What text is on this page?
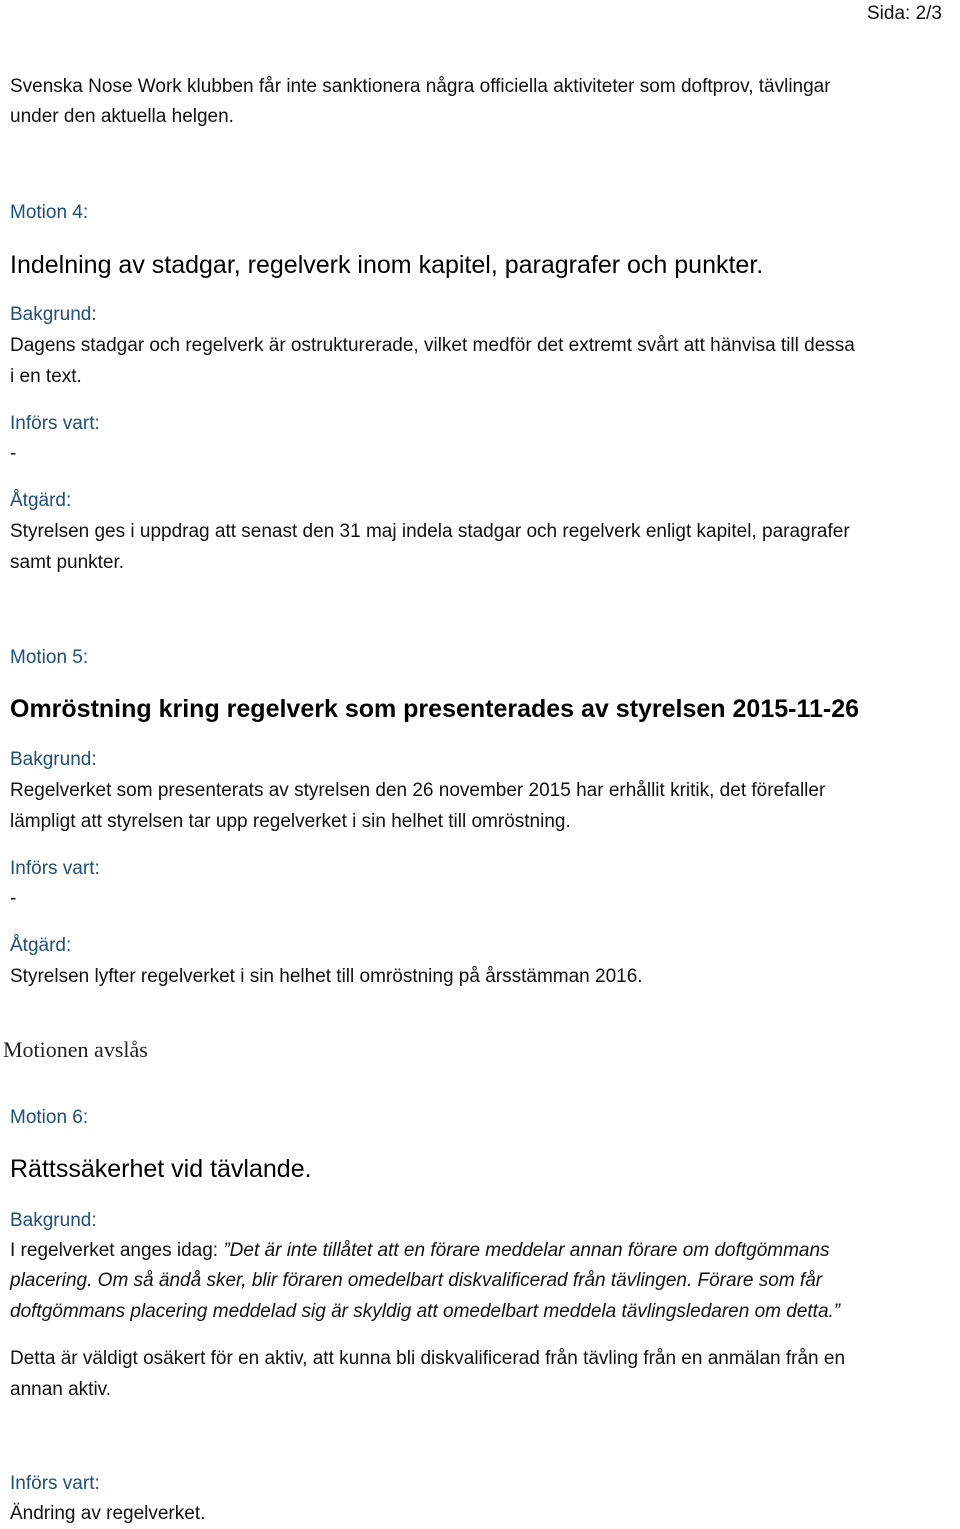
Sida: 2/3

Svenska Nose Work klubben får inte sanktionera några officiella aktiviteter som doftprov, tävlingar

under den aktuella helgen.

Motion 4:

Indelning av stadgar, regelverk inom kapitel, paragrafer och punkter.

Bakgrund:

Dagens stadgar och regelverk är ostrukturerade, vilket medför det extremt svårt att hänvisa till dessa

i en text.

Införs vart:

-

Åtgärd:

Styrelsen ges i uppdrag att senast den 31 maj indela stadgar och regelverk enligt kapitel, paragrafer

samt punkter.

Motion 5:

Omröstning kring regelverk som presenterades av styrelsen 2015-11-26

Bakgrund:

Regelverket som presenterats av styrelsen den 26 november 2015 har erhållit kritik, det förefaller

lämpligt att styrelsen tar upp regelverket i sin helhet till omröstning.

Införs vart:

-

Åtgärd:

Styrelsen lyfter regelverket i sin helhet till omröstning på årsstämman 2016.

Motionen avslås

Motion 6:

Rättssäkerhet vid tävlande.

Bakgrund:

I regelverket anges idag: ”Det är inte tillåtet att en förare meddelar annan förare om doftgömmans

placering. Om så ändå sker, blir föraren omedelbart diskvalificerad från tävlingen. Förare som får

doftgömmans placering meddelad sig är skyldig att omedelbart meddela tävlingsledaren om detta.”

Detta är väldigt osäkert för en aktiv, att kunna bli diskvalificerad från tävling från en anmälan från en

annan aktiv.

Införs vart:

Ändring av regelverket.
